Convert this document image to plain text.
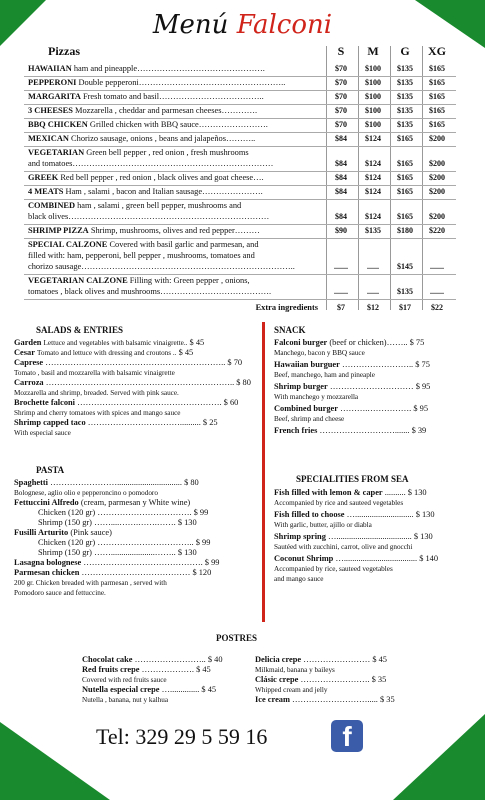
Menú Falconi
Pizzas	S	M	G	XG
HAWAIIAN ham and pineapple……………………………………….	$70	$100	$135	$165
PEPPERONI Double pepperoni……………………………………………..	$70	$100	$135	$165
MARGARITA Fresh tomato and basil………………………………..	$70	$100	$135	$165
3 CHEESES Mozzarella , cheddar and parmesan cheeses………….	$70	$100	$135	$165
BBQ CHICKEN Grilled chicken with BBQ sauce…………………….	$70	$100	$135	$165
MEXICAN Chorizo sausage, onions , beans and jalapeños………..	$84	$124	$165	$200
VEGETARIAN Green bell pepper , red onion , fresh mushrooms
and tomatoes………………………………………………………………	$84	$124	$165	$200
GREEK Red bell pepper , red onion , black olives and goat cheese….	$84	$124	$165	$200
4 MEATS Ham , salami , bacon and Italian sausage………………….	$84	$124	$165	$200
COMBINED ham , salami , green bell pepper, mushrooms and
black olives………………………………………………………………	$84	$124	$165	$200
SHRIMP PIZZA Shrimp, mushrooms, olives and red pepper………	$90	$135	$180	$220
SPECIAL CALZONE Covered with basil garlic and parmesan, and
filled with: ham, pepperoni, bell pepper , mushrooms, tomatoes and
chorizo sausage…………………………………………………………………..	.......	......	$145	.......
VEGETARIAN CALZONE Filling with: Green pepper , onions,
tomatoes , black olives and mushrooms………………………………….	.......	......	$135	.......
Extra ingredients	$7	$12	$17	$22
SALADS & ENTRIES
Garden Lettuce and vegetables with balsamic vinaigrette.. $ 45
Cesar Tomato and lettuce with dressing and croutons .. $ 45
Caprese ……………………………………………………….. $ 70
Tomato , basil and mozzarella with balsamic vinaigrette
Carroza ………………………………………………………….. $ 80
Mozzarella and shrimp, breaded. Served with pink sauce.
Brochette falconi ……………………………………………. $ 60
Shrimp and cherry tomatoes with spices and mango sauce
Shrimp capped taco …………………………….......... $ 25
With especial sauce
PASTA
Spaghetti ……………………............................... $ 80
Bolognese, aglio olio e pepperoncino o pomodoro
Fettuccini Alfredo (cream, parmesan y White wine)
Chicken (120 gr) ……………………………. $ 99
Shrimp (150 gr) ……....…….…….……. $ 130
Fusilli Arturito (Pink sauce)
Chicken (120 gr) …………………………….. $ 99
Shrimp (150 gr) …….....................…….. $ 130
Lasagna bolognese ……………………………………. $ 99
Parmesan chicken ………………………………… $ 120
200 gr. Chicken breaded with parmesan , served with
Pomodoro sauce and fettuccine.
SNACK
Falconi burger (beef or chicken)…….. $ 75
Manchego, bacon y BBQ sauce
Hawaiian burguer …………………….. $ 75
Beef, manchego, ham and pineaple
Shrimp burger ………………………… $ 95
With manchego y mozzarella
Combined burger ……….……………. $ 95
Beef, shrimp and cheese
French fries ………………………....... $ 39
SPECIALITIES FROM SEA
Fish filled with lemon & caper .......... $ 130
Accompanied by rice and sauteed vegetables
Fish filled to choose …............................ $ 130
With garlic, butter, ajillo or diabla
Shrimp spring ….................................... $ 130
Sautéed with zucchini, carrot, olive and gnocchi
Coconut Shrimp …................................... $ 140
Accompanied by rice, sauteed vegetables
and mango sauce
POSTRES
Chocolat cake …………………….. $ 40
Red fruits crepe ………………. $ 45
Covered with red fruits sauce
Nutella especial crepe ….............. $ 45
Nutella , banana, nut y kalhua
Delicia crepe …………………… $ 45
Milkmaid, banana y baileys
Clásic crepe ……………………. $ 35
Whipped cream and jelly
Ice cream ………………………..... $ 35
Tel: 329 29 5 59 16	f
